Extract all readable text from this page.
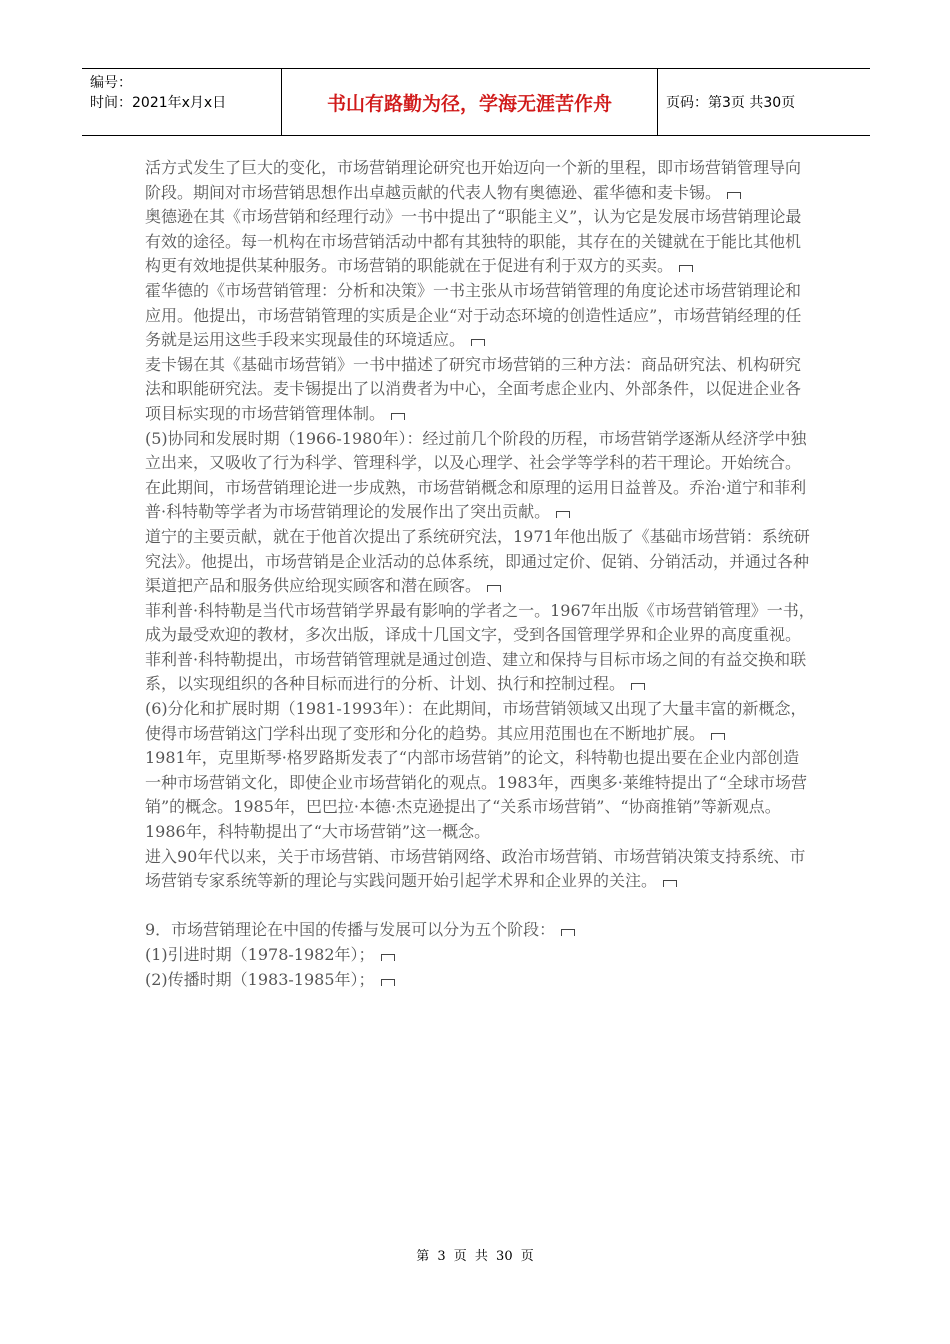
编号：
时间：2021年x月x日	书山有路勤为径，学海无涯苦作舟	页码：第3页 共30页

活方式发生了巨大的变化，市场营销理论研究也开始迈向一个新的里程，即市场营销管理导向阶段。期间对市场营销思想作出卓越贡献的代表人物有奥德逊、霍华德和麦卡锡。

奥德逊在其《市场营销和经理行动》一书中提出了“职能主义”，认为它是发展市场营销理论最有效的途径。每一机构在市场营销活动中都有其独特的职能，其存在的关键就在于能比其他机构更有效地提供某种服务。市场营销的职能就在于促进有利于双方的买卖。

霍华德的《市场营销管理：分析和决策》一书主张从市场营销管理的角度论述市场营销理论和应用。他提出，市场营销管理的实质是企业“对于动态环境的创造性适应”，市场营销经理的任务就是运用这些手段来实现最佳的环境适应。

麦卡锡在其《基础市场营销》一书中描述了研究市场营销的三种方法：商品研究法、机构研究法和职能研究法。麦卡锡提出了以消费者为中心，全面考虑企业内、外部条件，以促进企业各项目标实现的市场营销管理体制。

(5)协同和发展时期（1966-1980年）：经过前几个阶段的历程，市场营销学逐渐从经济学中独立出来，又吸收了行为科学、管理科学，以及心理学、社会学等学科的若干理论。开始统合。在此期间，市场营销理论进一步成熟，市场营销概念和原理的运用日益普及。乔治·道宁和菲利普·科特勒等学者为市场营销理论的发展作出了突出贡献。

道宁的主要贡献，就在于他首次提出了系统研究法，1971年他出版了《基础市场营销：系统研究法》。他提出，市场营销是企业活动的总体系统，即通过定价、促销、分销活动，并通过各种渠道把产品和服务供应给现实顾客和潜在顾客。

菲利普·科特勒是当代市场营销学界最有影响的学者之一。1967年出版《市场营销管理》一书，成为最受欢迎的教材，多次出版，译成十几国文字，受到各国管理学界和企业界的高度重视。菲利普·科特勒提出，市场营销管理就是通过创造、建立和保持与目标市场之间的有益交换和联系，以实现组织的各种目标而进行的分析、计划、执行和控制过程。

(6)分化和扩展时期（1981-1993年）：在此期间，市场营销领域又出现了大量丰富的新概念，使得市场营销这门学科出现了变形和分化的趋势。其应用范围也在不断地扩展。

1981年，克里斯琴·格罗路斯发表了“内部市场营销”的论文，科特勒也提出要在企业内部创造一种市场营销文化，即使企业市场营销化的观点。1983年，西奥多·莱维特提出了“全球市场营销”的概念。1985年，巴巴拉·本德·杰克逊提出了“关系市场营销”、“协商推销”等新观点。1986年，科特勒提出了“大市场营销”这一概念。

进入90年代以来，关于市场营销、市场营销网络、政治市场营销、市场营销决策支持系统、市场营销专家系统等新的理论与实践问题开始引起学术界和企业界的关注。

9．市场营销理论在中国的传播与发展可以分为五个阶段：

(1)引进时期（1978-1982年）；

(2)传播时期（1983-1985年）；

第 3 页 共 30 页
